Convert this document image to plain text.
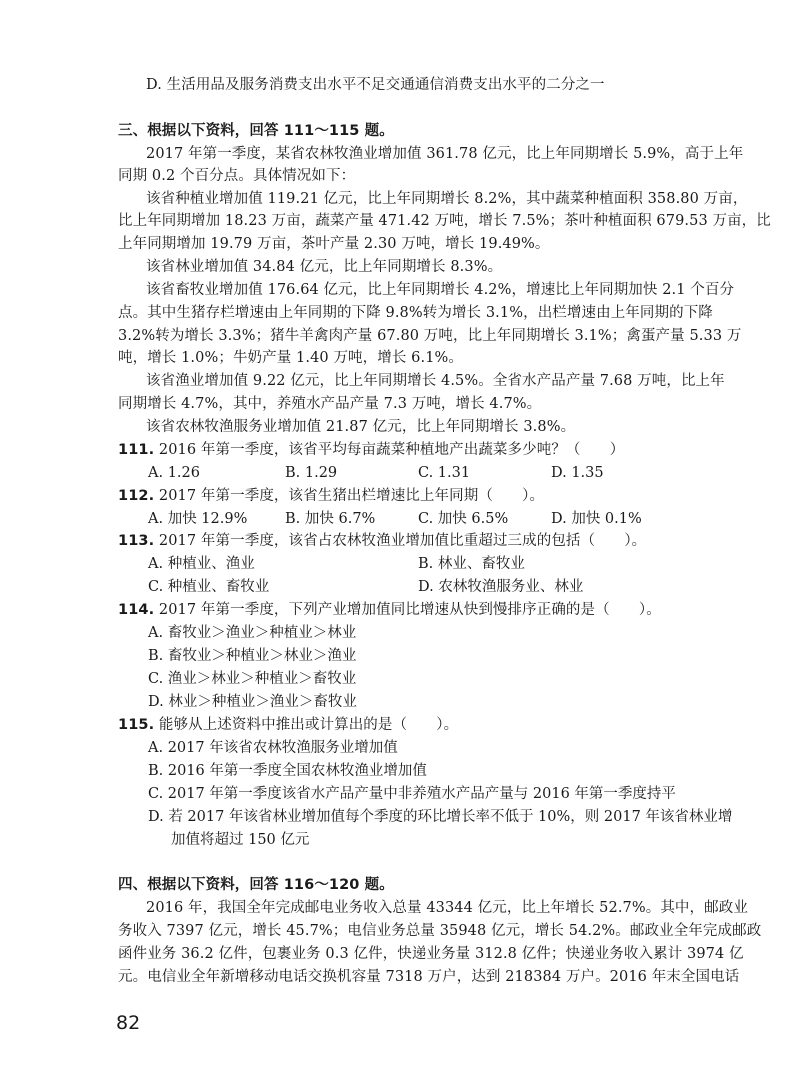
D. 生活用品及服务消费支出水平不足交通通信消费支出水平的二分之一
三、根据以下资料，回答 111～115 题。
2017 年第一季度，某省农林牧渔业增加值 361.78 亿元，比上年同期增长 5.9%，高于上年
同期 0.2 个百分点。具体情况如下：
该省种植业增加值 119.21 亿元，比上年同期增长 8.2%，其中蔬菜种植面积 358.80 万亩，
比上年同期增加 18.23 万亩，蔬菜产量 471.42 万吨，增长 7.5%；茶叶种植面积 679.53 万亩，比
上年同期增加 19.79 万亩，茶叶产量 2.30 万吨，增长 19.49%。
该省林业增加值 34.84 亿元，比上年同期增长 8.3%。
该省畜牧业增加值 176.64 亿元，比上年同期增长 4.2%，增速比上年同期加快 2.1 个百分
点。其中生猪存栏增速由上年同期的下降 9.8%转为增长 3.1%，出栏增速由上年同期的下降
3.2%转为增长 3.3%；猪牛羊禽肉产量 67.80 万吨，比上年同期增长 3.1%；禽蛋产量 5.33 万
吨，增长 1.0%；牛奶产量 1.40 万吨，增长 6.1%。
该省渔业增加值 9.22 亿元，比上年同期增长 4.5%。全省水产品产量 7.68 万吨，比上年
同期增长 4.7%，其中，养殖水产品产量 7.3 万吨，增长 4.7%。
该省农林牧渔服务业增加值 21.87 亿元，比上年同期增长 3.8%。
111. 2016 年第一季度，该省平均每亩蔬菜种植地产出蔬菜多少吨？（　　）
A. 1.26	B. 1.29	C. 1.31	D. 1.35
112. 2017 年第一季度，该省生猪出栏增速比上年同期（　　）。
A. 加快 12.9%	B. 加快 6.7%	C. 加快 6.5%	D. 加快 0.1%
113. 2017 年第一季度，该省占农林牧渔业增加值比重超过三成的包括（　　）。
A. 种植业、渔业	B. 林业、畜牧业
C. 种植业、畜牧业	D. 农林牧渔服务业、林业
114. 2017 年第一季度，下列产业增加值同比增速从快到慢排序正确的是（　　）。
A. 畜牧业＞渔业＞种植业＞林业
B. 畜牧业＞种植业＞林业＞渔业
C. 渔业＞林业＞种植业＞畜牧业
D. 林业＞种植业＞渔业＞畜牧业
115. 能够从上述资料中推出或计算出的是（　　）。
A. 2017 年该省农林牧渔服务业增加值
B. 2016 年第一季度全国农林牧渔业增加值
C. 2017 年第一季度该省水产品产量中非养殖水产品产量与 2016 年第一季度持平
D. 若 2017 年该省林业增加值每个季度的环比增长率不低于 10%，则 2017 年该省林业增
加值将超过 150 亿元
四、根据以下资料，回答 116～120 题。
2016 年，我国全年完成邮电业务收入总量 43344 亿元，比上年增长 52.7%。其中，邮政业
务收入 7397 亿元，增长 45.7%；电信业务总量 35948 亿元，增长 54.2%。邮政业全年完成邮政
函件业务 36.2 亿件，包裹业务 0.3 亿件，快递业务量 312.8 亿件；快递业务收入累计 3974 亿
元。电信业全年新增移动电话交换机容量 7318 万户，达到 218384 万户。2016 年末全国电话
82
